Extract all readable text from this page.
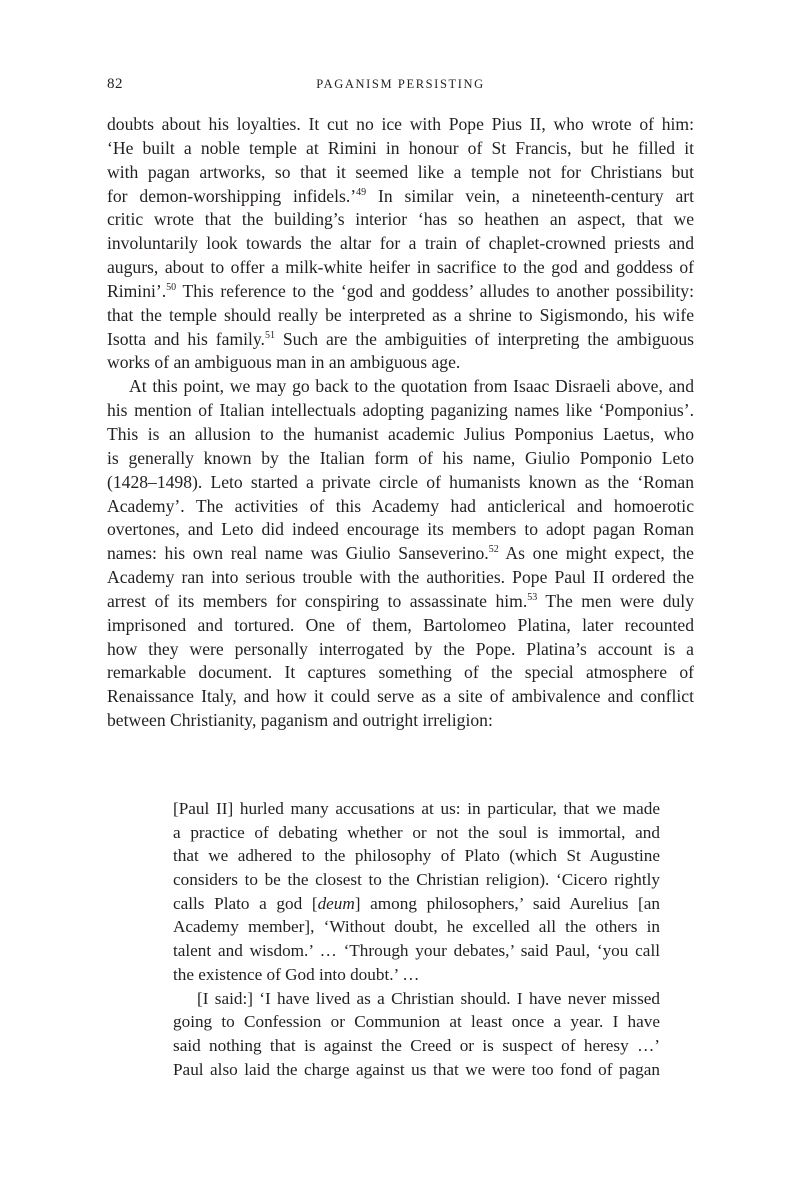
82	PAGANISM PERSISTING
doubts about his loyalties. It cut no ice with Pope Pius II, who wrote of him:
‘He built a noble temple at Rimini in honour of St Francis, but he filled it
with pagan artworks, so that it seemed like a temple not for Christians but
for demon-worshipping infidels.’$^{49}$ In similar vein, a nineteenth-century art
critic wrote that the building’s interior ‘has so heathen an aspect, that we
involuntarily look towards the altar for a train of chaplet-crowned priests and
augurs, about to offer a milk-white heifer in sacrifice to the god and goddess of
Rimini’.$^{50}$ This reference to the ‘god and goddess’ alludes to another possibility:
that the temple should really be interpreted as a shrine to Sigismondo, his wife
Isotta and his family.$^{51}$ Such are the ambiguities of interpreting the ambiguous
works of an ambiguous man in an ambiguous age.
At this point, we may go back to the quotation from Isaac Disraeli above, and
his mention of Italian intellectuals adopting paganizing names like ‘Pomponius’.
This is an allusion to the humanist academic Julius Pomponius Laetus, who
is generally known by the Italian form of his name, Giulio Pomponio Leto
(1428–1498). Leto started a private circle of humanists known as the ‘Roman
Academy’. The activities of this Academy had anticlerical and homoerotic
overtones, and Leto did indeed encourage its members to adopt pagan Roman
names: his own real name was Giulio Sanseverino.$^{52}$ As one might expect, the
Academy ran into serious trouble with the authorities. Pope Paul II ordered the
arrest of its members for conspiring to assassinate him.$^{53}$ The men were duly
imprisoned and tortured. One of them, Bartolomeo Platina, later recounted
how they were personally interrogated by the Pope. Platina’s account is a
remarkable document. It captures something of the special atmosphere of
Renaissance Italy, and how it could serve as a site of ambivalence and conflict
between Christianity, paganism and outright irreligion:
[Paul II] hurled many accusations at us: in particular, that we made
a practice of debating whether or not the soul is immortal, and
that we adhered to the philosophy of Plato (which St Augustine
considers to be the closest to the Christian religion). ‘Cicero rightly
calls Plato a god [deum] among philosophers,’ said Aurelius [an
Academy member], ‘Without doubt, he excelled all the others in
talent and wisdom.’ … ‘Through your debates,’ said Paul, ‘you call
the existence of God into doubt.’ …
[I said:] ‘I have lived as a Christian should. I have never missed
going to Confession or Communion at least once a year. I have
said nothing that is against the Creed or is suspect of heresy …’
Paul also laid the charge against us that we were too fond of pagan
